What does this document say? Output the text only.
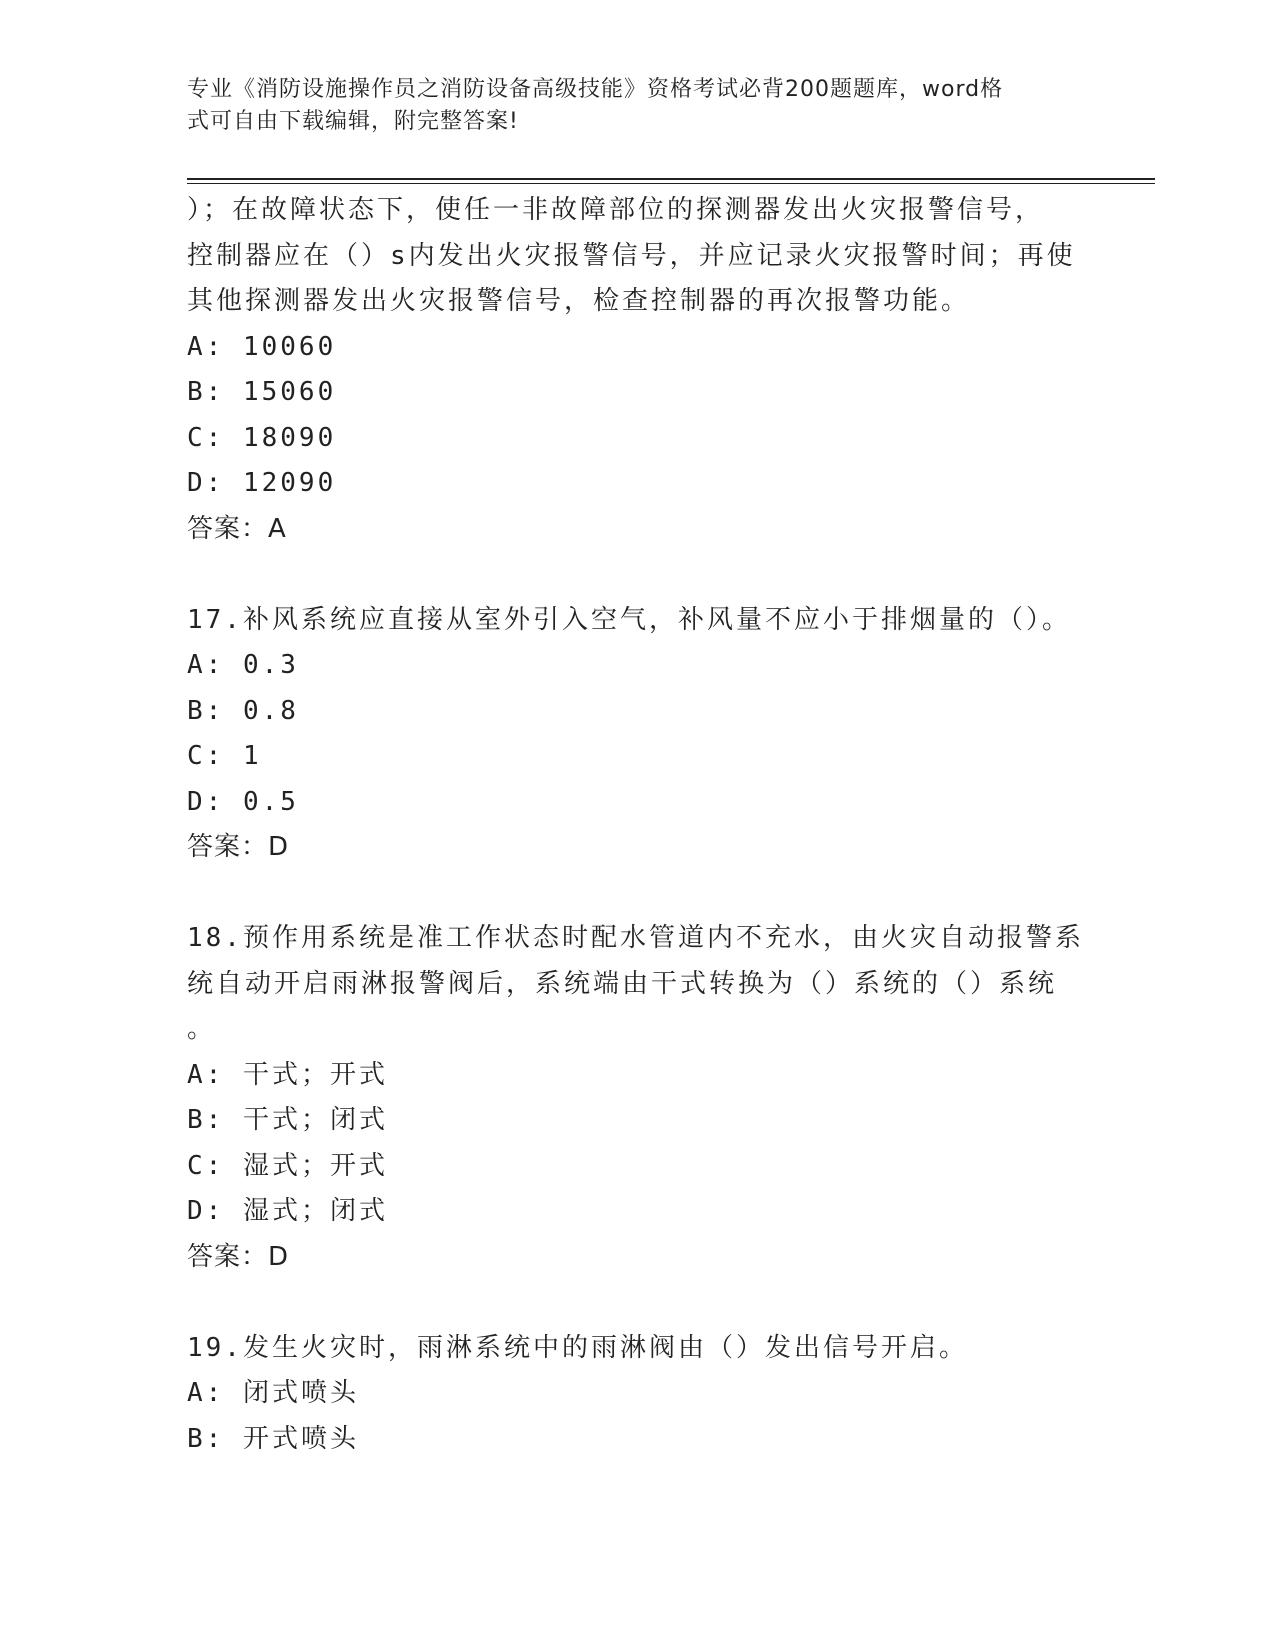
专业《消防设施操作员之消防设备高级技能》资格考试必背200题题库，word格
式可自由下载编辑，附完整答案!
）；在故障状态下，使任一非故障部位的探测器发出火灾报警信号，
控制器应在（）s内发出火灾报警信号，并应记录火灾报警时间；再使
其他探测器发出火灾报警信号，检查控制器的再次报警功能。
A: 10060
B: 15060
C: 18090
D: 12090
答案：A
17.补风系统应直接从室外引入空气，补风量不应小于排烟量的（）。
A: 0.3
B: 0.8
C: 1
D: 0.5
答案：D
18.预作用系统是准工作状态时配水管道内不充水，由火灾自动报警系
统自动开启雨淋报警阀后，系统端由干式转换为（）系统的（）系统
。
A: 干式；开式
B: 干式；闭式
C: 湿式；开式
D: 湿式；闭式
答案：D
19.发生火灾时，雨淋系统中的雨淋阀由（）发出信号开启。
A: 闭式喷头
B: 开式喷头
